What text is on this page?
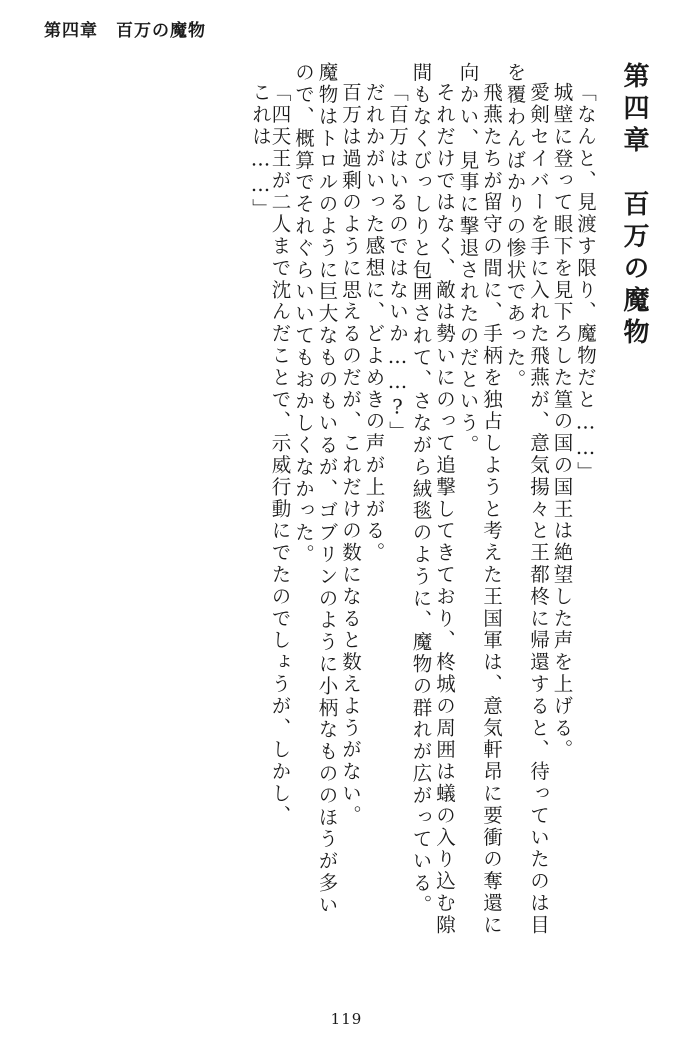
第四章 百万の魔物
第四章　百万の魔物
「なんと、見渡す限り、魔物だと……」
城壁に登って眼下を見下ろした篁の国の国王は絶望した声を上げる。
愛剣セイバーを手に入れた飛燕が、意気揚々と王都柊に帰還すると、待っていたのは目
を覆わんばかりの惨状であった。
飛燕たちが留守の間に、手柄を独占しようと考えた王国軍は、意気軒昂に要衝の奪還に
向かい、見事に撃退されたのだという。
それだけではなく、敵は勢いにのって追撃してきており、柊城の周囲は蟻の入り込む隙
間もなくびっしりと包囲されて、さながら絨毯のように、魔物の群れが広がっている。
「百万はいるのではないか……?」
だれかがいった感想に、どよめきの声が上がる。
百万は過剰のように思えるのだが、これだけの数になると数えようがない。
魔物はトロルのように巨大なものもいるが、ゴブリンのように小柄なもののほうが多い
ので、概算でそれぐらいいてもおかしくなかった。
「四天王が二人まで沈んだことで、示威行動にでたのでしょうが、しかし、これは……」
119
